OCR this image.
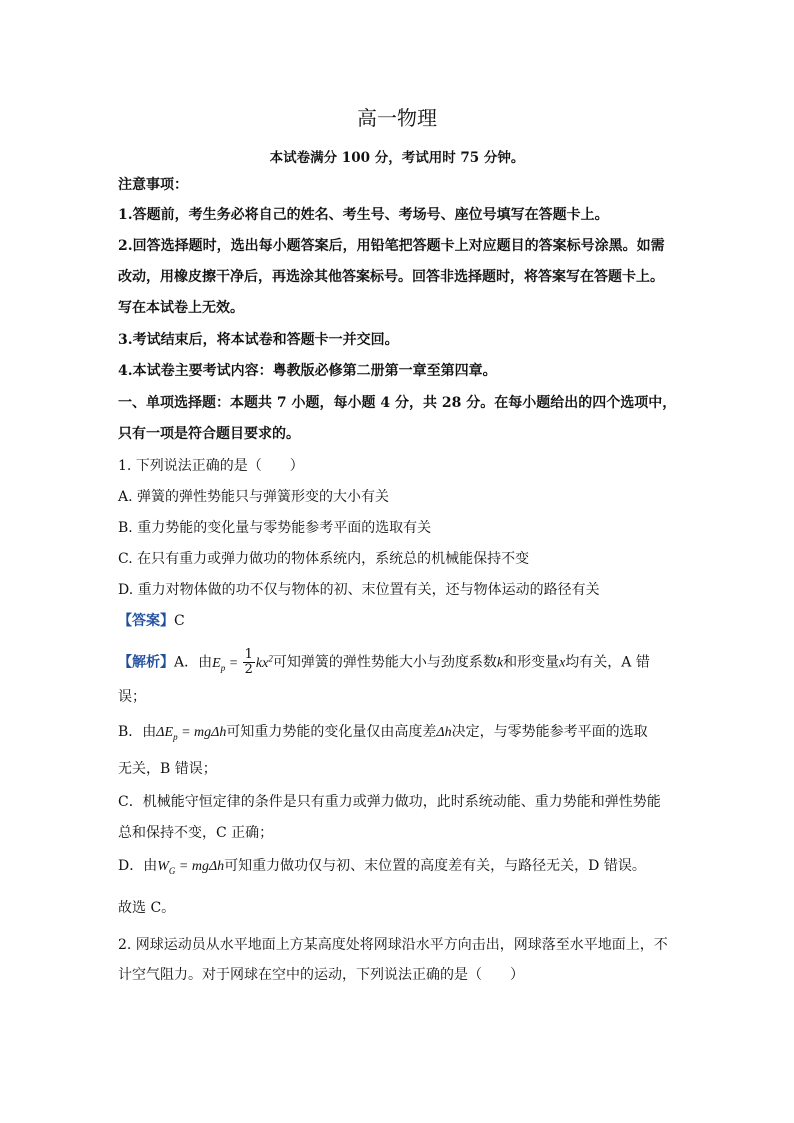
高一物理
本试卷满分 100 分，考试用时 75 分钟。
注意事项：
1.答题前，考生务必将自己的姓名、考生号、考场号、座位号填写在答题卡上。
2.回答选择题时，选出每小题答案后，用铅笔把答题卡上对应题目的答案标号涂黑。如需
改动，用橡皮擦干净后，再选涂其他答案标号。回答非选择题时，将答案写在答题卡上。
写在本试卷上无效。
3.考试结束后，将本试卷和答题卡一并交回。
4.本试卷主要考试内容：粤教版必修第二册第一章至第四章。
一、单项选择题：本题共 7 小题，每小题 4 分，共 28 分。在每小题给出的四个选项中，
只有一项是符合题目要求的。
1. 下列说法正确的是（　　）
A. 弹簧的弹性势能只与弹簧形变的大小有关
B. 重力势能的变化量与零势能参考平面的选取有关
C. 在只有重力或弹力做功的物体系统内，系统总的机械能保持不变
D. 重力对物体做的功不仅与物体的初、末位置有关，还与物体运动的路径有关
【答案】C
【解析】A．由$E_p = \frac{1}{2} kx^2$可知弹簧的弹性势能大小与劲度系数k和形变量x均有关，A 错
误；
B．由$\Delta E_p = mg\Delta h$可知重力势能的变化量仅由高度差Δh决定，与零势能参考平面的选取
无关，B 错误；
C．机械能守恒定律的条件是只有重力或弹力做功，此时系统动能、重力势能和弹性势能
总和保持不变，C 正确；
D．由$W_G = mg\Delta h$可知重力做功仅与初、末位置的高度差有关，与路径无关，D 错误。
故选 C。
2. 网球运动员从水平地面上方某高度处将网球沿水平方向击出，网球落至水平地面上，不
计空气阻力。对于网球在空中的运动，下列说法正确的是（　　）
